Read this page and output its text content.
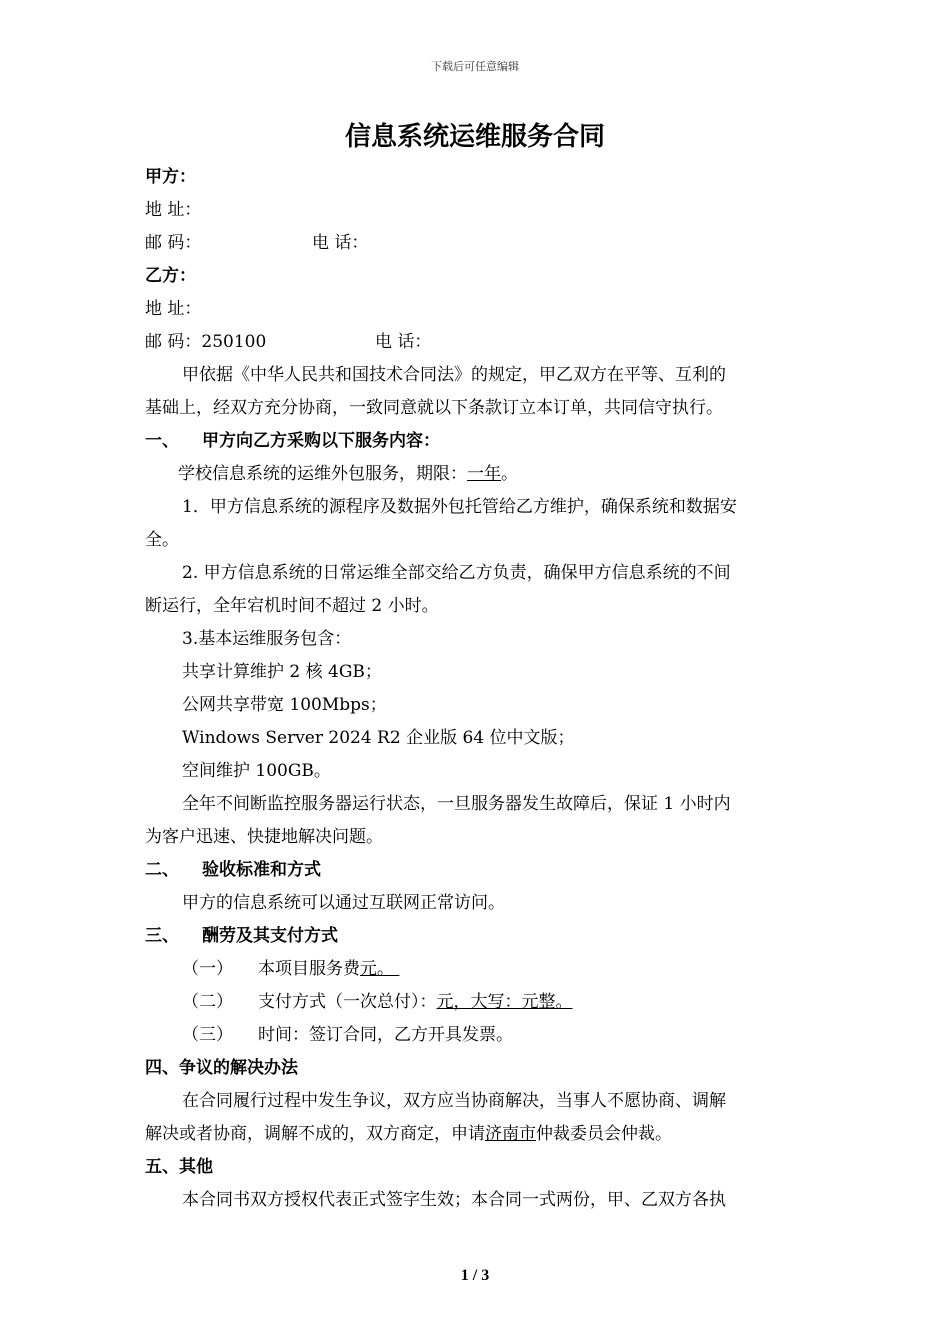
下载后可任意编辑
信息系统运维服务合同
甲方：
地 址：
邮 码：	电 话：
乙方：
地 址：
邮 码：250100	电 话：
甲依据《中华人民共和国技术合同法》的规定，甲乙双方在平等、互利的
基础上，经双方充分协商，一致同意就以下条款订立本订单，共同信守执行。
一、 甲方向乙方采购以下服务内容：
学校信息系统的运维外包服务，期限：一年。
1．甲方信息系统的源程序及数据外包托管给乙方维护，确保系统和数据安
全。
2. 甲方信息系统的日常运维全部交给乙方负责，确保甲方信息系统的不间
断运行，全年宕机时间不超过 2 小时。
3.基本运维服务包含：
共享计算维护 2 核 4GB；
公网共享带宽 100Mbps；
Windows Server 2024 R2 企业版 64 位中文版；
空间维护 100GB。
全年不间断监控服务器运行状态，一旦服务器发生故障后，保证 1 小时内
为客户迅速、快捷地解决问题。
二、 验收标准和方式
甲方的信息系统可以通过互联网正常访问。
三、 酬劳及其支付方式
（一） 本项目服务费元。
（二） 支付方式（一次总付）：元，大写：元整。
（三） 时间：签订合同，乙方开具发票。
四、争议的解决办法
在合同履行过程中发生争议，双方应当协商解决，当事人不愿协商、调解
解决或者协商，调解不成的，双方商定，申请济南市仲裁委员会仲裁。
五、其他
本合同书双方授权代表正式签字生效；本合同一式两份，甲、乙双方各执
1 / 3
